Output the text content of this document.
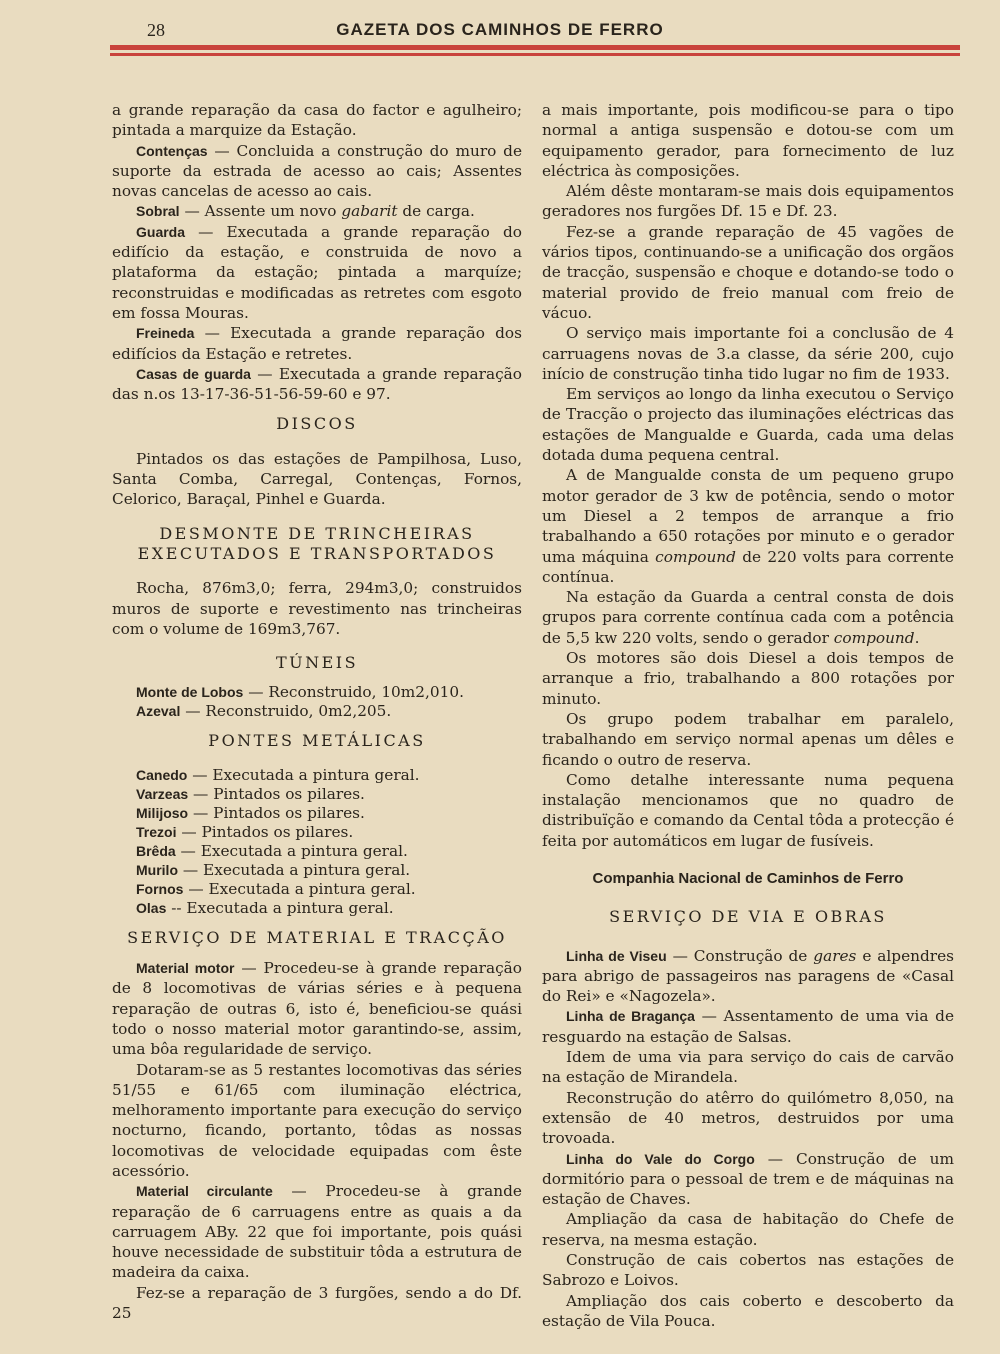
28	GAZETA DOS CAMINHOS DE FERRO

a grande reparação da casa do factor e agulheiro; pintada a marquize da Estação.

Contenças — Concluida a construção do muro de suporte da estrada de acesso ao cais; Assentes novas cancelas de acesso ao cais.

Sobral — Assente um novo gabarit de carga.

Guarda — Executada a grande reparação do edifício da estação, e construida de novo a plataforma da estação; pintada a marquíze; reconstruidas e modificadas as retretes com esgoto em fossa Mouras.

Freineda — Executada a grande reparação dos edifícios da Estação e retretes.

Casas de guarda — Executada a grande reparação das n.os 13-17-36-51-56-59-60 e 97.

DISCOS

Pintados os das estações de Pampilhosa, Luso, Santa Comba, Carregal, Contenças, Fornos, Celorico, Baraçal, Pinhel e Guarda.

DESMONTE DE TRINCHEIRAS

EXECUTADOS E TRANSPORTADOS

Rocha, 876m3,0; ferra, 294m3,0; construidos muros de suporte e revestimento nas trincheiras com o volume de 169m3,767.

TÚNEIS

Monte de Lobos — Reconstruido, 10m2,010.

Azeval — Reconstruido, 0m2,205.

PONTES METÁLICAS

Canedo — Executada a pintura geral.

Varzeas — Pintados os pilares.

Milijoso — Pintados os pilares.

Trezoi — Pintados os pilares.

Brêda — Executada a pintura geral.

Murilo — Executada a pintura geral.

Fornos — Executada a pintura geral.

Olas -- Executada a pintura geral.

SERVIÇO DE MATERIAL E TRACÇÃO

Material motor — Procedeu-se à grande reparação de 8 locomotivas de várias séries e à pequena reparação de outras 6, isto é, beneficiou-se quási todo o nosso material motor garantindo-se, assim, uma bôa regularidade de serviço.

Dotaram-se as 5 restantes locomotivas das séries 51/55 e 61/65 com iluminação eléctrica, melhoramento importante para execução do serviço nocturno, ficando, portanto, tôdas as nossas locomotivas de velocidade equipadas com êste acessório.

Material circulante — Procedeu-se à grande reparação de 6 carruagens entre as quais a da carruagem ABy. 22 que foi importante, pois quási houve necessidade de substituir tôda a estrutura de madeira da caixa.

Fez-se a reparação de 3 furgões, sendo a do Df. 25

a mais importante, pois modificou-se para o tipo normal a antiga suspensão e dotou-se com um equipamento gerador, para fornecimento de luz eléctrica às composições.

Além dêste montaram-se mais dois equipamentos geradores nos furgões Df. 15 e Df. 23.

Fez-se a grande reparação de 45 vagões de vários tipos, continuando-se a unificação dos orgãos de tracção, suspensão e choque e dotando-se todo o material provido de freio manual com freio de vácuo.

O serviço mais importante foi a conclusão de 4 carruagens novas de 3.a classe, da série 200, cujo início de construção tinha tido lugar no fim de 1933.

Em serviços ao longo da linha executou o Serviço de Tracção o projecto das iluminações eléctricas das estações de Mangualde e Guarda, cada uma delas dotada duma pequena central.

A de Mangualde consta de um pequeno grupo motor gerador de 3 kw de potência, sendo o motor um Diesel a 2 tempos de arranque a frio trabalhando a 650 rotações por minuto e o gerador uma máquina compound de 220 volts para corrente contínua.

Na estação da Guarda a central consta de dois grupos para corrente contínua cada com a potência de 5,5 kw 220 volts, sendo o gerador compound.

Os motores são dois Diesel a dois tempos de arranque a frio, trabalhando a 800 rotações por minuto.

Os grupo podem trabalhar em paralelo, trabalhando em serviço normal apenas um dêles e ficando o outro de reserva.

Como detalhe interessante numa pequena instalação mencionamos que no quadro de distribuïção e comando da Cental tôda a protecção é feita por automáticos em lugar de fusíveis.

Companhia Nacional de Caminhos de Ferro

SERVIÇO DE VIA E OBRAS

Linha de Viseu — Construção de gares e alpendres para abrigo de passageiros nas paragens de «Casal do Rei» e «Nagozela».

Linha de Bragança — Assentamento de uma via de resguardo na estação de Salsas.

Idem de uma via para serviço do cais de carvão na estação de Mirandela.

Reconstrução do atêrro do quilómetro 8,050, na extensão de 40 metros, destruidos por uma trovoada.

Linha do Vale do Corgo — Construção de um dormitório para o pessoal de trem e de máquinas na estação de Chaves.

Ampliação da casa de habitação do Chefe de reserva, na mesma estação.

Construção de cais cobertos nas estações de Sabrozo e Loivos.

Ampliação dos cais coberto e descoberto da estação de Vila Pouca.
